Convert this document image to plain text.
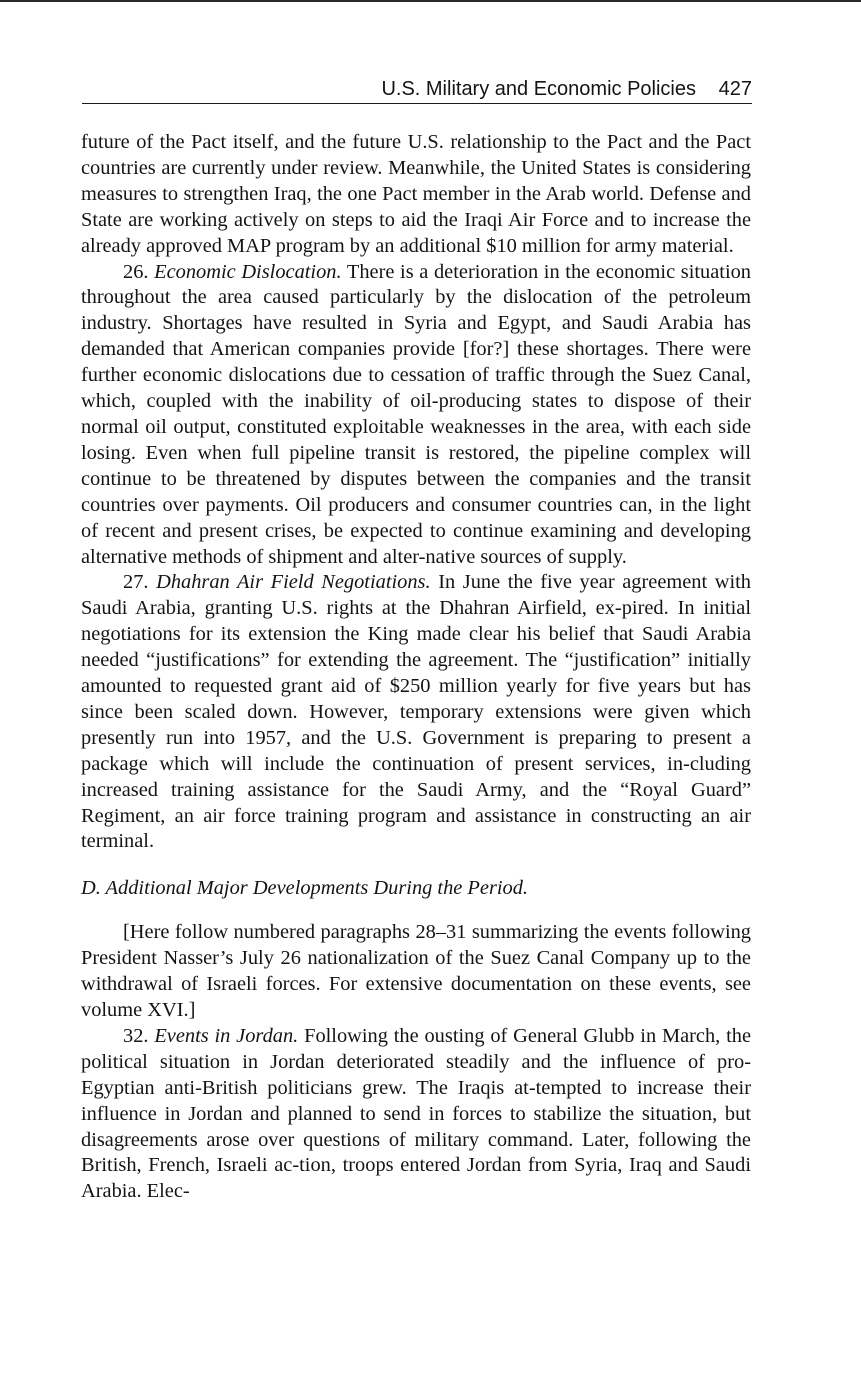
U.S. Military and Economic Policies 427

future of the Pact itself, and the future U.S. relationship to the Pact and the Pact countries are currently under review. Meanwhile, the United States is considering measures to strengthen Iraq, the one Pact member in the Arab world. Defense and State are working actively on steps to aid the Iraqi Air Force and to increase the already approved MAP program by an additional $10 million for army material.

26. Economic Dislocation. There is a deterioration in the economic situation throughout the area caused particularly by the dislocation of the petroleum industry. Shortages have resulted in Syria and Egypt, and Saudi Arabia has demanded that American companies provide [for?] these shortages. There were further economic dislocations due to cessation of traffic through the Suez Canal, which, coupled with the inability of oil-producing states to dispose of their normal oil output, constituted exploitable weaknesses in the area, with each side losing. Even when full pipeline transit is restored, the pipeline complex will continue to be threatened by disputes between the companies and the transit countries over payments. Oil producers and consumer countries can, in the light of recent and present crises, be expected to continue examining and developing alternative methods of shipment and alter-native sources of supply.

27. Dhahran Air Field Negotiations. In June the five year agreement with Saudi Arabia, granting U.S. rights at the Dhahran Airfield, ex-pired. In initial negotiations for its extension the King made clear his belief that Saudi Arabia needed “justifications” for extending the agreement. The “justification” initially amounted to requested grant aid of $250 million yearly for five years but has since been scaled down. However, temporary extensions were given which presently run into 1957, and the U.S. Government is preparing to present a package which will include the continuation of present services, in-cluding increased training assistance for the Saudi Army, and the “Royal Guard” Regiment, an air force training program and assistance in constructing an air terminal.

D. Additional Major Developments During the Period.

[Here follow numbered paragraphs 28–31 summarizing the events following President Nasser’s July 26 nationalization of the Suez Canal Company up to the withdrawal of Israeli forces. For extensive documentation on these events, see volume XVI.]

32. Events in Jordan. Following the ousting of General Glubb in March, the political situation in Jordan deteriorated steadily and the influence of pro-Egyptian anti-British politicians grew. The Iraqis at-tempted to increase their influence in Jordan and planned to send in forces to stabilize the situation, but disagreements arose over questions of military command. Later, following the British, French, Israeli ac-tion, troops entered Jordan from Syria, Iraq and Saudi Arabia. Elec-
